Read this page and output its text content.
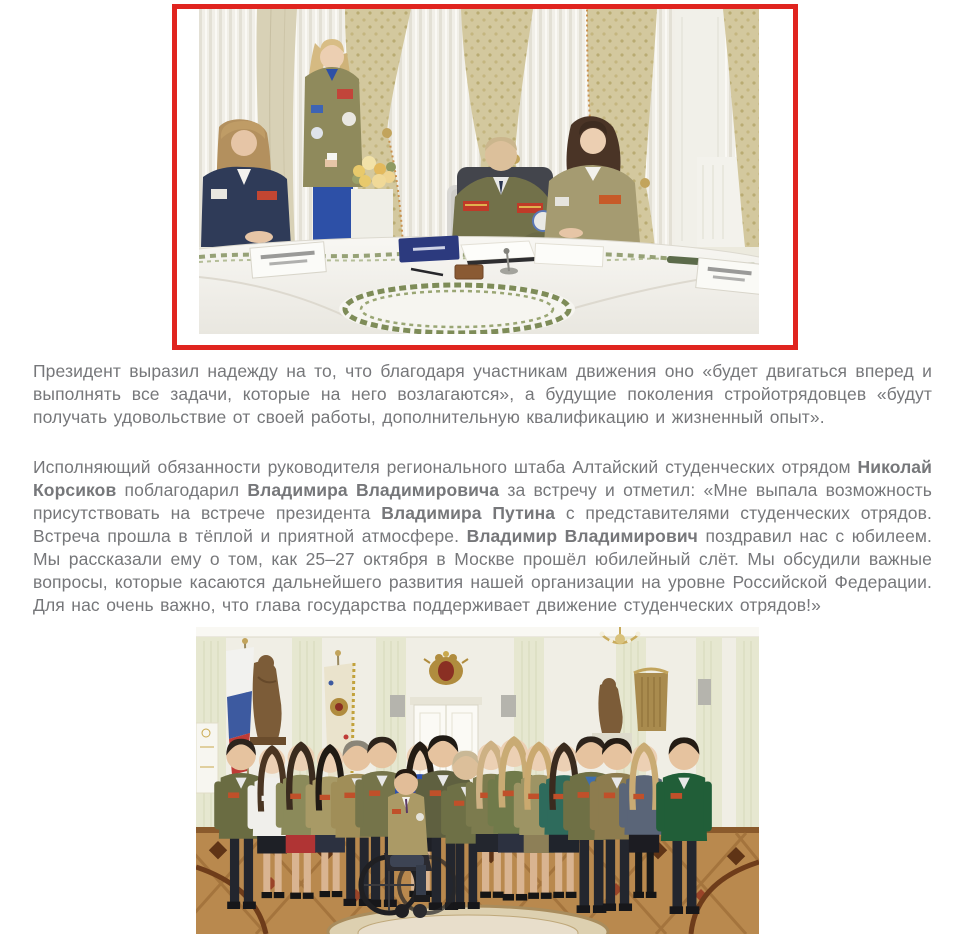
Президент выразил надежду на то, что благодаря участникам движения оно «будет двигаться вперед и выполнять все задачи, которые на него возлагаются», а будущие поколения стройотрядовцев «будут получать удовольствие от своей работы, дополнительную квалификацию и жизненный опыт».

Исполняющий обязанности руководителя регионального штаба Алтайский студенческих отрядом Николай Корсиков поблагодарил Владимира Владимировича за встречу и отметил: «Мне выпала возможность присутствовать на встрече президента Владимира Путина с представителями студенческих отрядов. Встреча прошла в тёплой и приятной атмосфере. Владимир Владимирович поздравил нас с юбилеем. Мы рассказали ему о том, как 25–27 октября в Москве прошёл юбилейный слёт. Мы обсудили важные вопросы, которые касаются дальнейшего развития нашей организации на уровне Российской Федерации. Для нас очень важно, что глава государства поддерживает движение студенческих отрядов!»
